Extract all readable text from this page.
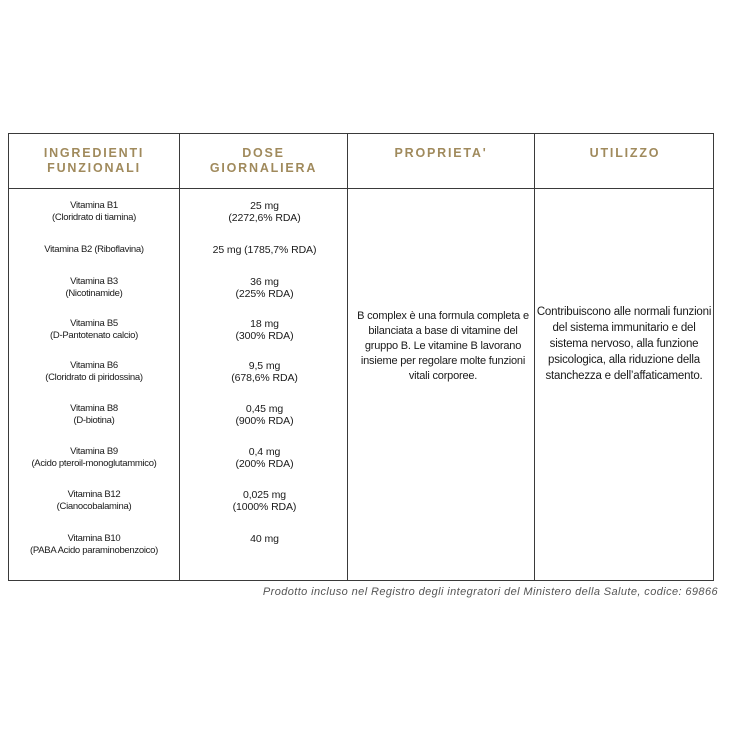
INGREDIENTI
FUNZIONALI
DOSE
GIORNALIERA
PROPRIETA'	UTILIZZO
Vitamina B1
(Cloridrato di tiamina)
Vitamina B2 (Riboflavina)
Vitamina B3
(Nicotinamide)
Vitamina B5
(D-Pantotenato calcio)
Vitamina B6
(Cloridrato di piridossina)
Vitamina B8
(D-biotina)
Vitamina B9
(Acido pteroil-monoglutammico)
Vitamina B12
(Cianocobalamina)
Vitamina B10
(PABA Acido paraminobenzoico)
25 mg
(2272,6% RDA)
25 mg (1785,7% RDA)
36 mg
(225% RDA)
18 mg
(300% RDA)
9,5 mg
(678,6% RDA)
0,45 mg
(900% RDA)
0,4 mg
(200% RDA)
0,025 mg
(1000% RDA)
40 mg
B complex è una formula completa e bilanciata a base di vitamine del gruppo B. Le vitamine B lavorano insieme per regolare molte funzioni vitali corporee.
Contribuiscono alle normali funzioni del sistema immunitario e del sistema nervoso, alla funzione psicologica, alla riduzione della stanchezza e dell’affaticamento.
Prodotto incluso nel Registro degli integratori del Ministero della Salute, codice: 69866
